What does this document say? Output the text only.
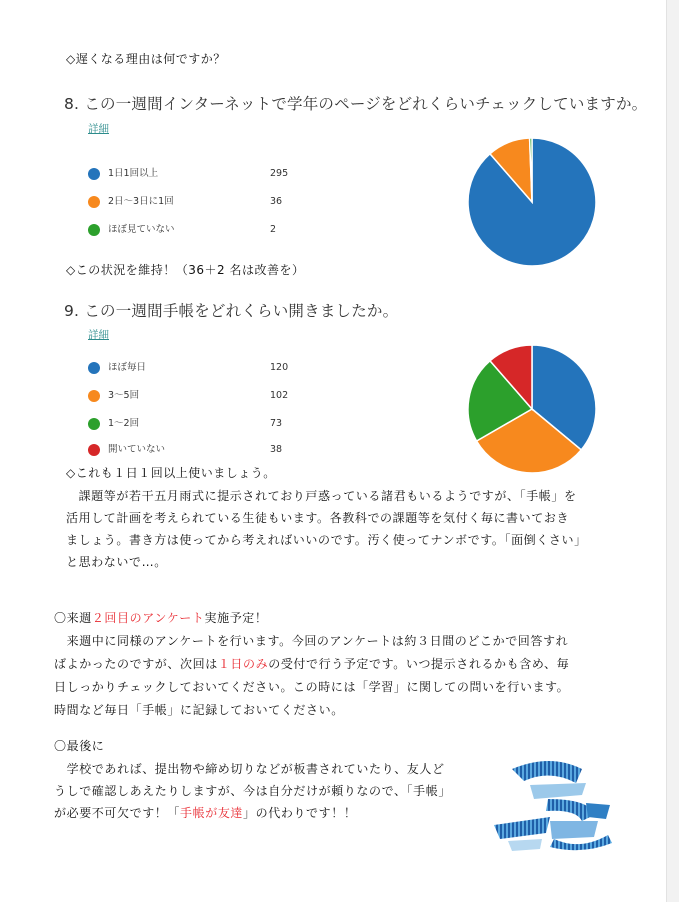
◇遅くなる理由は何ですか？
8. この一週間インターネットで学年のページをどれくらいチェックしていますか。
詳細
1日1回以上	295
2日～3日に1回	36
ほぼ見ていない	2
◇この状況を維持！（36＋2 名は改善を）
9. この一週間手帳をどれくらい開きましたか。
詳細
ほぼ毎日	120
3～5回	102
1～2回	73
開いていない	38
◇これも１日１回以上使いましょう。
　課題等が若干五月雨式に提示されており戸惑っている諸君もいるようですが、「手帳」を
活用して計画を考えられている生徒もいます。各教科での課題等を気付く毎に書いておき
ましょう。書き方は使ってから考えればいいのです。汚く使ってナンボです。「面倒くさい」
と思わないで…。
〇来週２回目のアンケート実施予定！
　来週中に同様のアンケートを行います。今回のアンケートは約３日間のどこかで回答すれ
ばよかったのですが、次回は１日のみの受付で行う予定です。いつ提示されるかも含め、毎
日しっかりチェックしておいてください。この時には「学習」に関しての問いを行います。
時間など毎日「手帳」に記録しておいてください。
〇最後に
　学校であれば、提出物や締め切りなどが板書されていたり、友人ど
うしで確認しあえたりしますが、今は自分だけが頼りなので、「手帳」
が必要不可欠です！「手帳が友達」の代わりです！！
